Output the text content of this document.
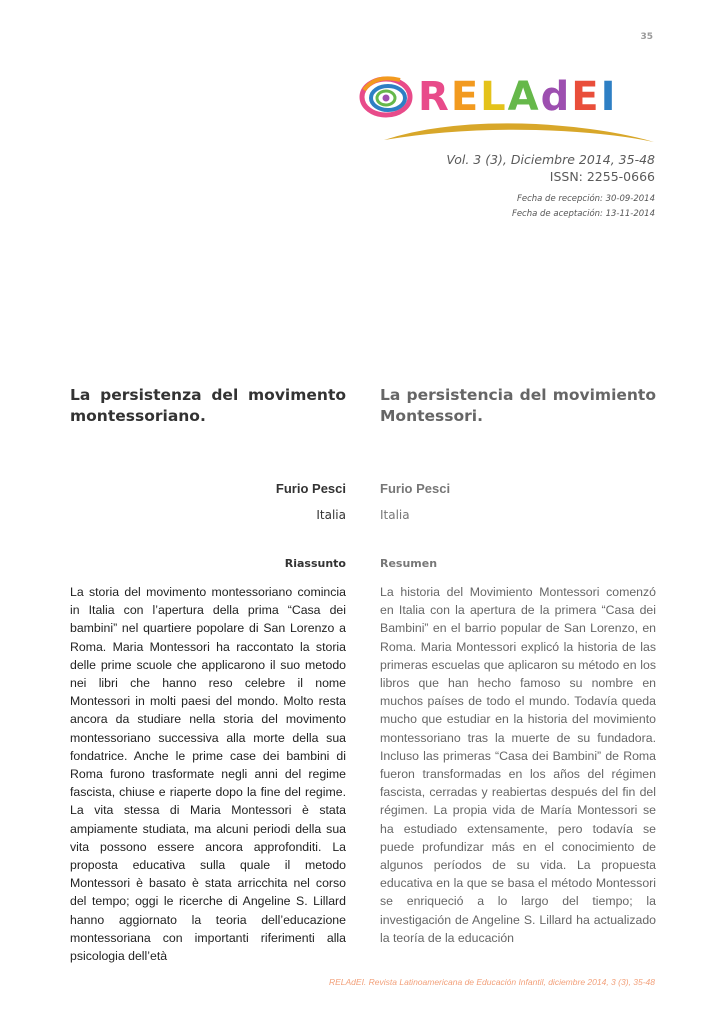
35
RELAdEI
Vol. 3 (3), Diciembre 2014, 35-48
ISSN: 2255-0666
Fecha de recepción: 30-09-2014
Fecha de aceptación: 13-11-2014
La persistenza del movimento montessoriano.
Furio Pesci
Italia
Riassunto
La storia del movimento montessoriano comincia in Italia con l’apertura della prima “Casa dei bambini” nel quartiere popolare di San Lorenzo a Roma. Maria Montessori ha raccontato la storia delle prime scuole che applicarono il suo metodo nei libri che hanno reso celebre il nome Montessori in molti paesi del mondo. Molto resta ancora da studiare nella storia del movimento montessoriano successiva alla morte della sua fondatrice. Anche le prime case dei bambini di Roma furono trasformate negli anni del regime fascista, chiuse e riaperte dopo la fine del regime. La vita stessa di Maria Montessori è stata ampiamente studiata, ma alcuni periodi della sua vita possono essere ancora approfonditi. La proposta educativa sulla quale il metodo Montessori è basato è stata arricchita nel corso del tempo; oggi le ricerche di Angeline S. Lillard hanno aggiornato la teoria dell’educazione montessoriana con importanti riferimenti alla psicologia dell’età
La persistencia del movimiento Montessori.
Furio Pesci
Italia
Resumen
La historia del Movimiento Montessori comenzó en Italia con la apertura de la primera “Casa dei Bambini” en el barrio popular de San Lorenzo, en Roma. Maria Montessori explicó la historia de las primeras escuelas que aplicaron su método en los libros que han hecho famoso su nombre en muchos países de todo el mundo. Todavía queda mucho que estudiar en la historia del movimiento montessoriano tras la muerte de su fundadora. Incluso las primeras “Casa dei Bambini” de Roma fueron transformadas en los años del régimen fascista, cerradas y reabiertas después del fin del régimen. La propia vida de María Montessori se ha estudiado extensamente, pero todavía se puede profundizar más en el conocimiento de algunos períodos de su vida. La propuesta educativa en la que se basa el método Montessori se enriqueció a lo largo del tiempo; la investigación de Angeline S. Lillard ha actualizado la teoría de la educación
RELAdEI. Revista Latinoamericana de Educación Infantil, diciembre 2014, 3 (3), 35-48
